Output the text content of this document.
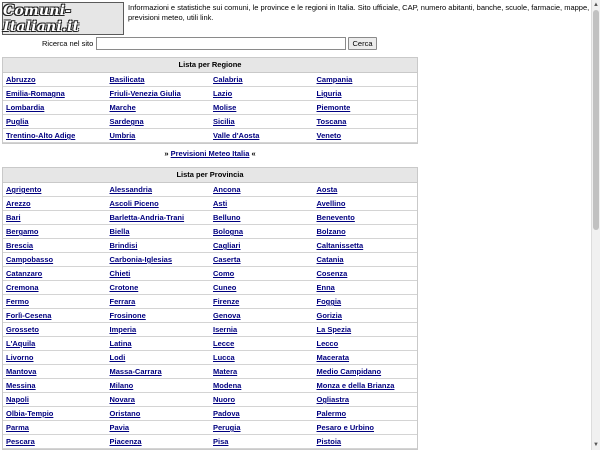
Comuni-Italiani.it
Informazioni e statistiche sui comuni, le province e le regioni in Italia. Sito ufficiale, CAP, numero abitanti, banche, scuole, farmacie, mappe, previsioni meteo, utili link.
Ricerca nel sito	Cerca
Lista per Regione
Abruzzo	Basilicata	Calabria	Campania
Emilia-Romagna	Friuli-Venezia Giulia	Lazio	Liguria
Lombardia	Marche	Molise	Piemonte
Puglia	Sardegna	Sicilia	Toscana
Trentino-Alto Adige	Umbria	Valle d'Aosta	Veneto
» Previsioni Meteo Italia «
Lista per Provincia
Agrigento	Alessandria	Ancona	Aosta
Arezzo	Ascoli Piceno	Asti	Avellino
Bari	Barletta-Andria-Trani	Belluno	Benevento
Bergamo	Biella	Bologna	Bolzano
Brescia	Brindisi	Cagliari	Caltanissetta
Campobasso	Carbonia-Iglesias	Caserta	Catania
Catanzaro	Chieti	Como	Cosenza
Cremona	Crotone	Cuneo	Enna
Fermo	Ferrara	Firenze	Foggia
Forlì-Cesena	Frosinone	Genova	Gorizia
Grosseto	Imperia	Isernia	La Spezia
L'Aquila	Latina	Lecce	Lecco
Livorno	Lodi	Lucca	Macerata
Mantova	Massa-Carrara	Matera	Medio Campidano
Messina	Milano	Modena	Monza e della Brianza
Napoli	Novara	Nuoro	Ogliastra
Olbia-Tempio	Oristano	Padova	Palermo
Parma	Pavia	Perugia	Pesaro e Urbino
Pescara	Piacenza	Pisa	Pistoia
▲
▼
